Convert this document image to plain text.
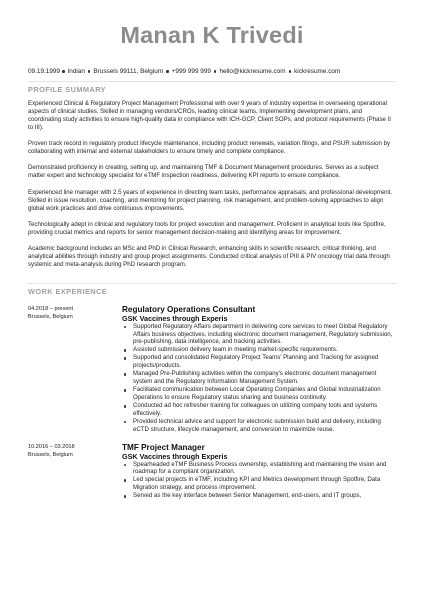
Manan K Trivedi
09.19.1999 Indian Brussels 99111, Belgium +999 999 999 hello@kickresume.com kickresume.com
PROFILE SUMMARY

Experienced Clinical & Regulatory Project Management Professional with over 9 years of industry expertise in overseeing operational aspects of clinical studies. Skilled in managing vendors/CROs, leading clinical teams, implementing development plans, and coordinating study activities to ensure high-quality data in compliance with ICH-GCP, Client SOPs, and protocol requirements (Phase II to III).

Proven track record in regulatory product lifecycle maintenance, including product renewals, variation filings, and PSUR submission by collaborating with internal and external stakeholders to ensure timely and complete compliance.

Demonstrated proficiency in creating, setting up, and maintaining TMF & Document Management procedures. Serves as a subject matter expert and technology specialist for eTMF inspection readiness, delivering KPI reports to ensure compliance.

Experienced line manager with 2.5 years of experience in directing team tasks, performance appraisals, and professional development. Skilled in issue resolution, coaching, and mentoring for project planning, risk management, and problem-solving approaches to align global work practices and drive continuous improvements.

Technologically adept in clinical and regulatory tools for project execution and management. Proficient in analytical tools like Spotfire, providing crucial metrics and reports for senior management decision-making and identifying areas for improvement.

Academic background includes an MSc and PhD in Clinical Research, enhancing skills in scientific research, critical thinking, and analytical abilities through industry and group project assignments. Conducted critical analysis of PIII & PIV oncology trial data through systemic and meta-analysis during PhD research program.

WORK EXPERIENCE
04.2018 – present
Brussels, Belgium
Regulatory Operations Consultant
GSK Vaccines through Experis
Supported Regulatory Affairs department in delivering core services to meet Global Regulatory Affairs business objectives, including electronic document management, Regulatory submission, pre-publishing, data intelligence, and tracking activities.
Assisted submission delivery team in meeting market-specific requirements.
Supported and consolidated Regulatory Project Teams' Planning and Tracking for assigned projects/products.
Managed Pre-Publishing activities within the company's electronic document management system and the Regulatory Information Management System.
Facilitated communication between Local Operating Companies and Global Industrialization Operations to ensure Regulatory status sharing and business continuity.
Conducted ad hoc refresher training for colleagues on utilizing company tools and systems effectively.
Provided technical advice and support for electronic submission build and delivery, including eCTD structure, lifecycle management, and conversion to maximize reuse.
10.2016 – 03.2018
Brussels, Belgium
TMF Project Manager
GSK Vaccines through Experis
Spearheaded eTMF Business Process ownership, establishing and maintaining the vision and roadmap for a compliant organization.
Led special projects in eTMF, including KPI and Metrics development through Spotfire, Data Migration strategy, and process improvement.
Served as the key interface between Senior Management, end-users, and IT groups,
